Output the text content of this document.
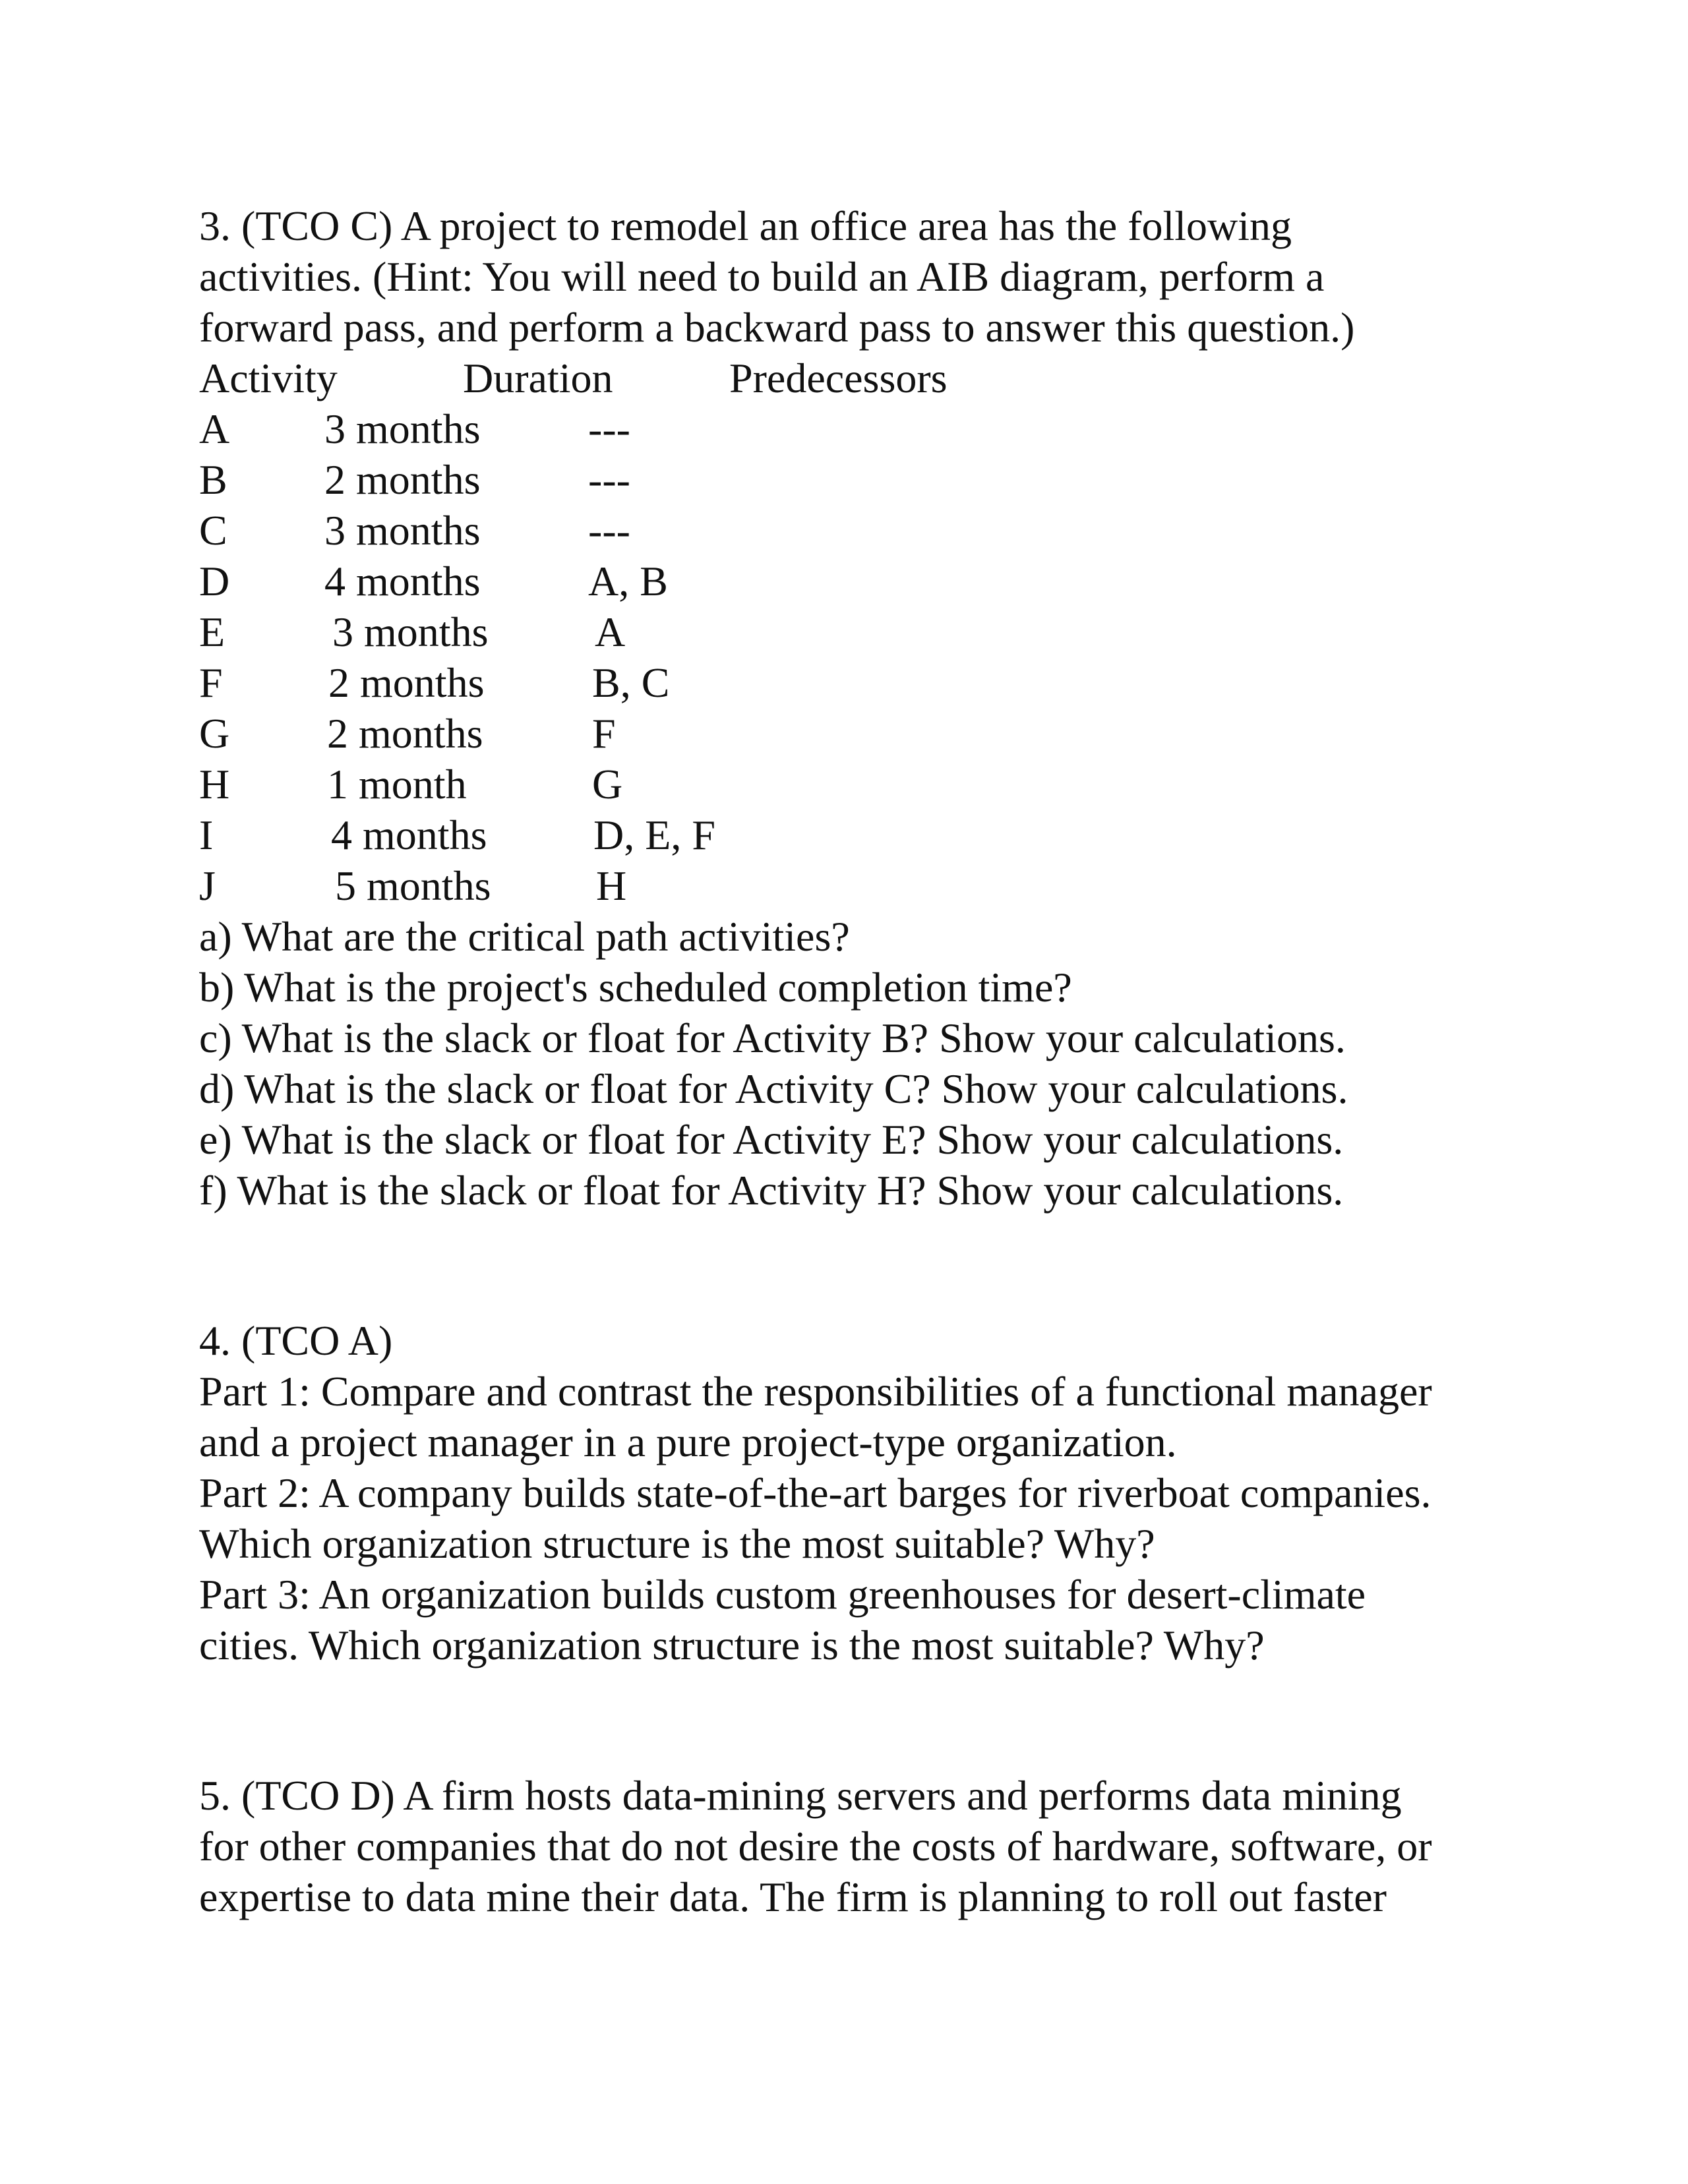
3. (TCO C) A project to remodel an office area has the following
activities. (Hint: You will need to build an AIB diagram, perform a
forward pass, and perform a backward pass to answer this question.)
Activity	Duration	Predecessors
A 3 months	---
B 2 months	---
C 3 months	---
D 4 months	A, B
E	3 months	A
F	2 months	B, C
G 2 months	F
H 1 month	G
I	4 months	D, E, F
J	5 months H
a) What are the critical path activities?
b) What is the project's scheduled completion time?
c) What is the slack or float for Activity B? Show your calculations.
d) What is the slack or float for Activity C? Show your calculations.
e) What is the slack or float for Activity E? Show your calculations.
f) What is the slack or float for Activity H? Show your calculations.
4. (TCO A)
Part 1: Compare and contrast the responsibilities of a functional manager
and a project manager in a pure project-type organization.
Part 2: A company builds state-of-the-art barges for riverboat companies.
Which organization structure is the most suitable? Why?
Part 3: An organization builds custom greenhouses for desert-climate
cities. Which organization structure is the most suitable? Why?
5. (TCO D) A firm hosts data-mining servers and performs data mining
for other companies that do not desire the costs of hardware, software, or
expertise to data mine their data. The firm is planning to roll out faster
